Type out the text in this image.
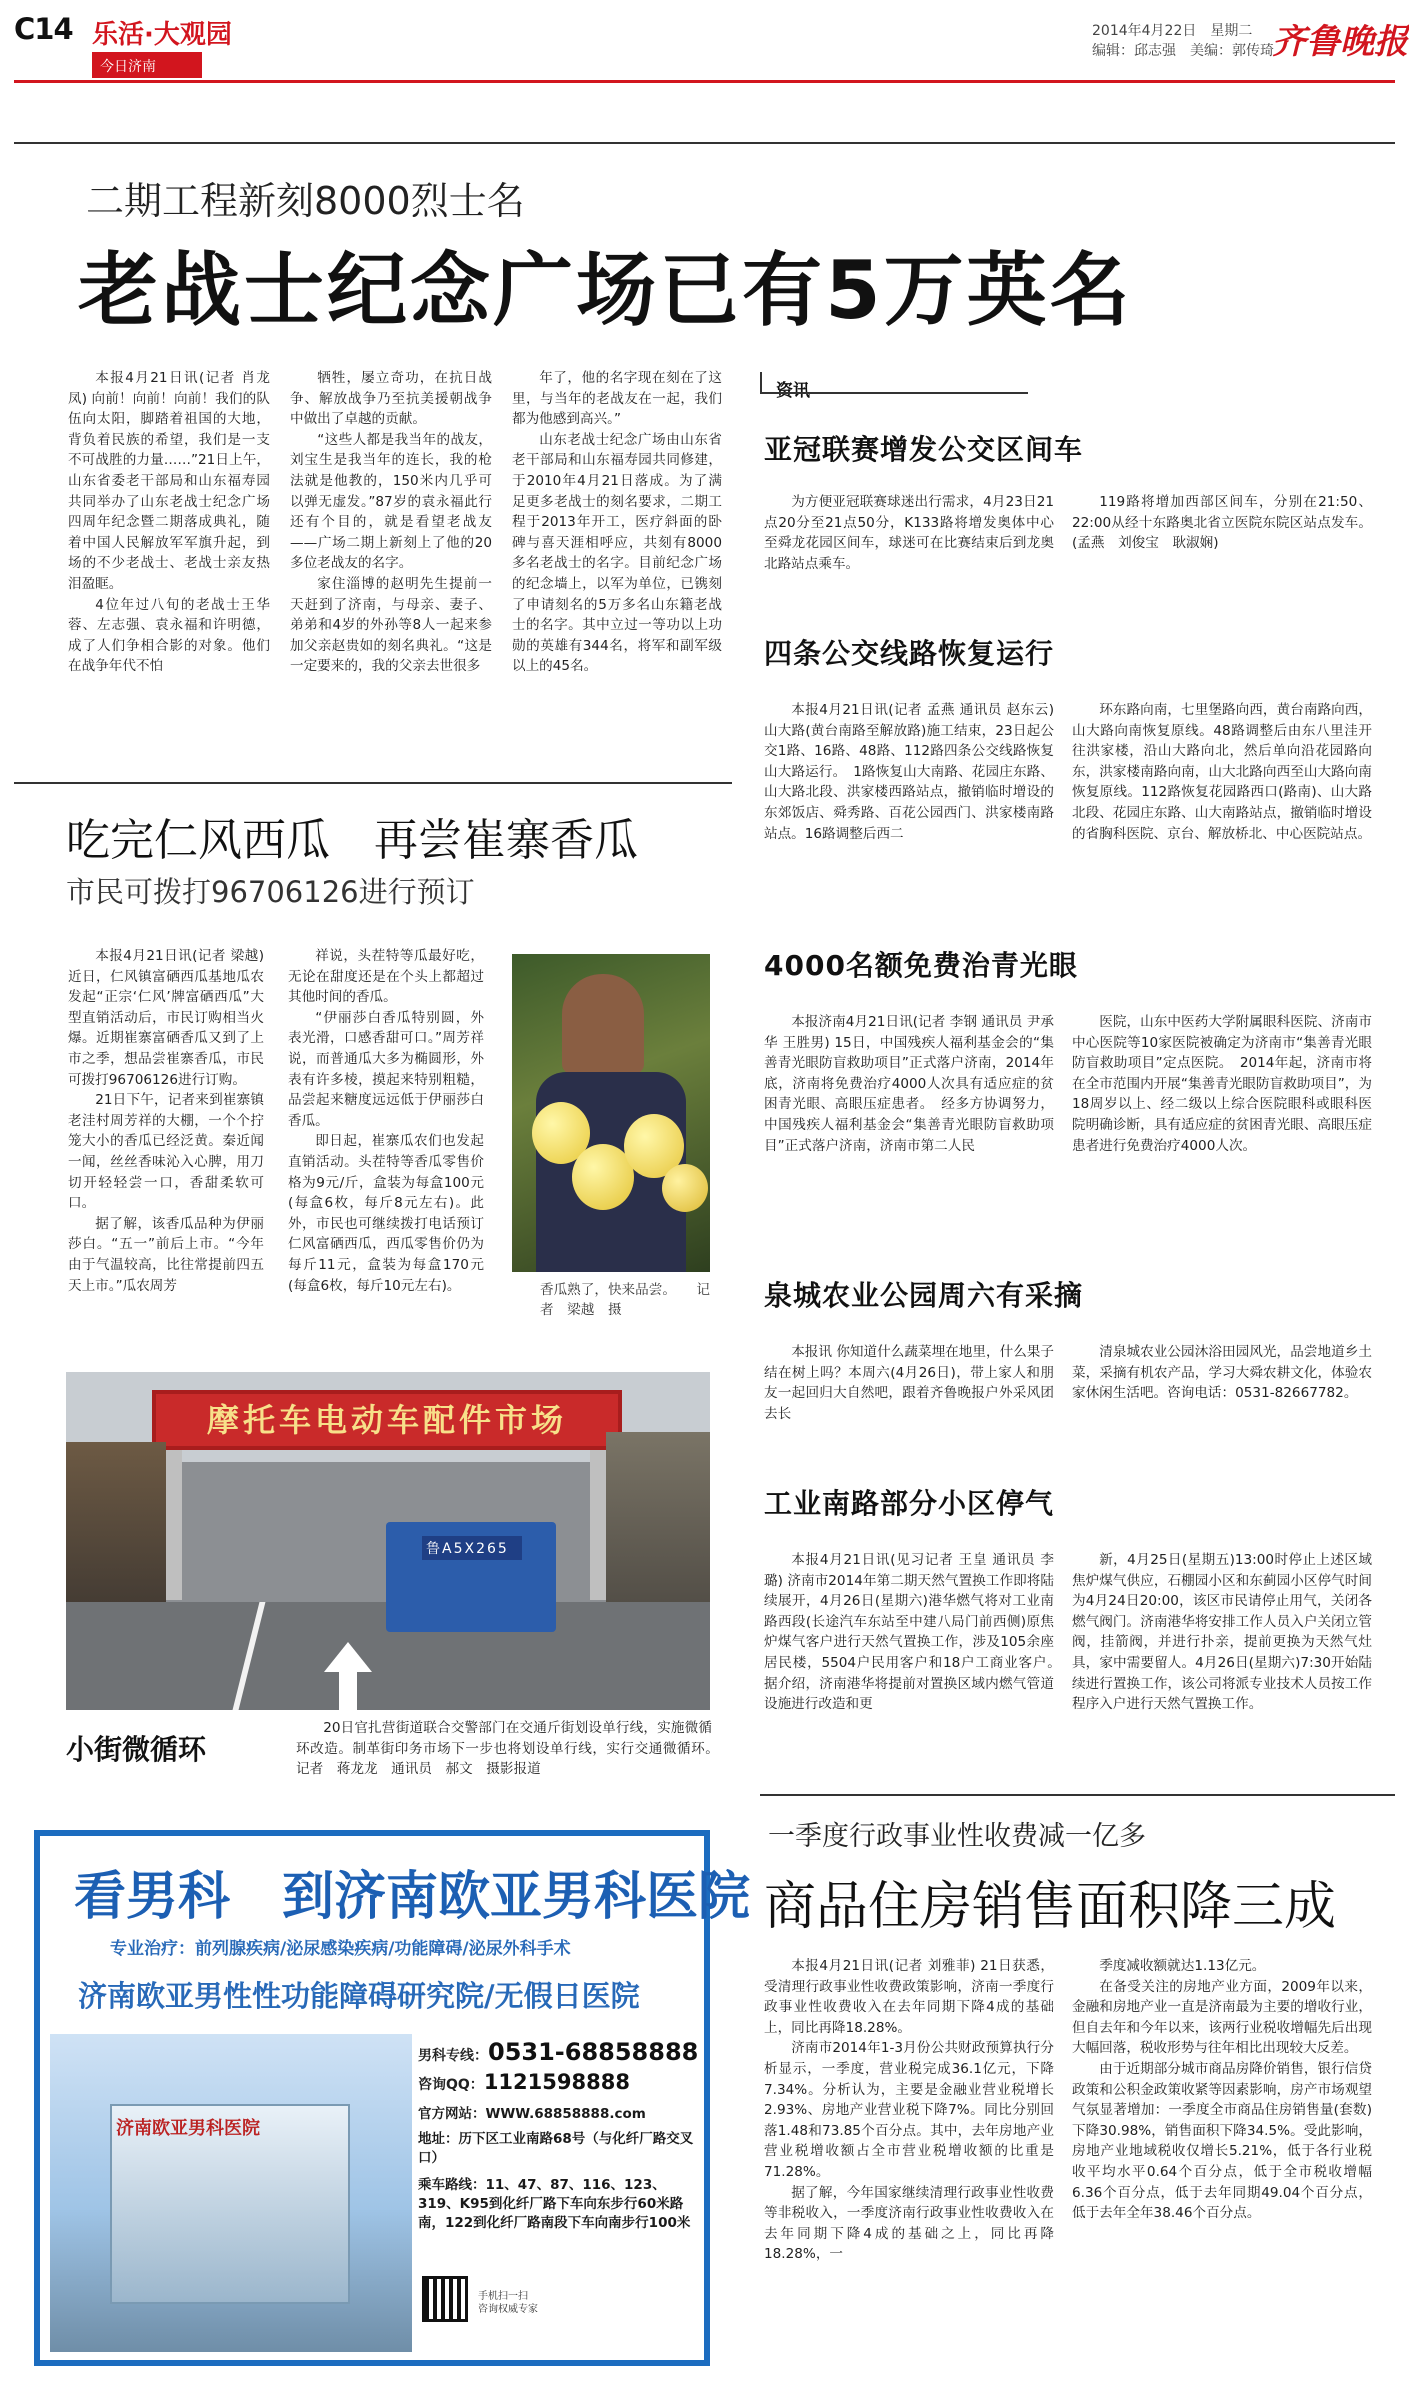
C14 乐活·大观园
今日济南
2014年4月22日　星期二
编辑：邱志强　美编：郭传琦
齐鲁晚报
二期工程新刻8000烈士名
老战士纪念广场已有5万英名

本报4月21日讯(记者 肖龙凤) 向前！向前！向前！我们的队伍向太阳，脚踏着祖国的大地，背负着民族的希望，我们是一支不可战胜的力量……”21日上午，山东省委老干部局和山东福寿园共同举办了山东老战士纪念广场四周年纪念暨二期落成典礼，随着中国人民解放军军旗升起，到场的不少老战士、老战士亲友热泪盈眶。

4位年过八旬的老战士王华蓉、左志强、袁永福和许明德，成了人们争相合影的对象。他们在战争年代不怕

牺牲，屡立奇功，在抗日战争、解放战争乃至抗美援朝战争中做出了卓越的贡献。

“这些人都是我当年的战友，刘宝生是我当年的连长，我的枪法就是他教的，150米内几乎可以弹无虚发。”87岁的袁永福此行还有个目的，就是看望老战友——广场二期上新刻上了他的20多位老战友的名字。

家住淄博的赵明先生提前一天赶到了济南，与母亲、妻子、弟弟和4岁的外孙等8人一起来参加父亲赵贵如的刻名典礼。“这是一定要来的，我的父亲去世很多

年了，他的名字现在刻在了这里，与当年的老战友在一起，我们都为他感到高兴。”

山东老战士纪念广场由山东省老干部局和山东福寿园共同修建，于2010年4月21日落成。为了满足更多老战士的刻名要求，二期工程于2013年开工，医疗斜面的卧碑与喜天涯相呼应，共刻有8000多名老战士的名字。目前纪念广场的纪念墙上，以军为单位，已镌刻了申请刻名的5万多名山东籍老战士的名字。其中立过一等功以上功勋的英雄有344名，将军和副军级以上的45名。

资讯
亚冠联赛增发公交区间车

为方便亚冠联赛球迷出行需求，4月23日21点20分至21点50分，K133路将增发奥体中心至舜龙花园区间车，球迷可在比赛结束后到龙奥北路站点乘车。

119路将增加西部区间车，分别在21:50、22:00从经十东路奥北省立医院东院区站点发车。(孟燕　刘俊宝　耿淑娴)

四条公交线路恢复运行

本报4月21日讯(记者 孟燕 通讯员 赵东云) 山大路(黄台南路至解放路)施工结束，23日起公交1路、16路、48路、112路四条公交线路恢复山大路运行。　1路恢复山大南路、花园庄东路、山大路北段、洪家楼西路站点，撤销临时增设的东郊饭店、舜秀路、百花公园西门、洪家楼南路站点。16路调整后西二

环东路向南，七里堡路向西，黄台南路向西，山大路向南恢复原线。48路调整后由东八里洼开往洪家楼，沿山大路向北，然后单向沿花园路向东，洪家楼南路向南，山大北路向西至山大路向南恢复原线。112路恢复花园路西口(路南)、山大路北段、花园庄东路、山大南路站点，撤销临时增设的省胸科医院、京台、解放桥北、中心医院站点。

4000名额免费治青光眼

本报济南4月21日讯(记者 李钢 通讯员 尹承华 王胜男) 15日，中国残疾人福利基金会的“集善青光眼防盲救助项目”正式落户济南，2014年底，济南将免费治疗4000人次具有适应症的贫困青光眼、高眼压症患者。　经多方协调努力，中国残疾人福利基金会“集善青光眼防盲救助项目”正式落户济南，济南市第二人民

医院，山东中医药大学附属眼科医院、济南市中心医院等10家医院被确定为济南市“集善青光眼防盲救助项目”定点医院。　2014年起，济南市将在全市范围内开展“集善青光眼防盲救助项目”，为18周岁以上、经二级以上综合医院眼科或眼科医院明确诊断，具有适应症的贫困青光眼、高眼压症患者进行免费治疗4000人次。

泉城农业公园周六有采摘

本报讯 你知道什么蔬菜埋在地里，什么果子结在树上吗？本周六(4月26日)，带上家人和朋友一起回归大自然吧，跟着齐鲁晚报户外采风团去长

清泉城农业公园沐浴田园风光，品尝地道乡土菜，采摘有机农产品，学习大舜农耕文化，体验农家休闲生活吧。咨询电话：0531-82667782。

工业南路部分小区停气

本报4月21日讯(见习记者 王皇 通讯员 李璐) 济南市2014年第二期天然气置换工作即将陆续展开，4月26日(星期六)港华燃气将对工业南路西段(长途汽车东站至中建八局门前西侧)原焦炉煤气客户进行天然气置换工作，涉及105余座居民楼，5504户民用客户和18户工商业客户。　据介绍，济南港华将提前对置换区域内燃气管道设施进行改造和更

新，4月25日(星期五)13:00时停止上述区域焦炉煤气供应，石棚园小区和东蓟园小区停气时间为4月24日20:00，该区市民请停止用气，关闭各燃气阀门。济南港华将安排工作人员入户关闭立管阀，挂箭阀，并进行扑亲，提前更换为天然气灶具，家中需要留人。4月26日(星期六)7:30开始陆续进行置换工作，该公司将派专业技术人员按工作程序入户进行天然气置换工作。

吃完仁风西瓜　再尝崔寨香瓜
市民可拨打96706126进行预订

本报4月21日讯(记者 梁越) 近日，仁风镇富硒西瓜基地瓜农发起“正宗‘仁风’牌富硒西瓜”大型直销活动后，市民订购相当火爆。近期崔寨富硒香瓜又到了上市之季，想品尝崔寨香瓜，市民可拨打96706126进行订购。

21日下午，记者来到崔寨镇老洼村周芳祥的大棚，一个个拧笼大小的香瓜已经泛黄。秦近闻一闻，丝丝香味沁入心脾，用刀切开轻轻尝一口，香甜柔软可口。

据了解，该香瓜品种为伊丽莎白。“五一”前后上市。“今年由于气温较高，比往常提前四五天上市。”瓜农周芳

祥说，头茬特等瓜最好吃，无论在甜度还是在个头上都超过其他时间的香瓜。

“伊丽莎白香瓜特别圆，外表光滑，口感香甜可口。”周芳祥说，而普通瓜大多为椭圆形，外表有许多棱，摸起来特别粗糙，品尝起来糖度远远低于伊丽莎白香瓜。

即日起，崔寨瓜农们也发起直销活动。头茬特等香瓜零售价格为9元/斤，盒装为每盒100元(每盒6枚，每斤8元左右)。此外，市民也可继续拨打电话预订仁风富硒西瓜，西瓜零售价仍为每斤11元，盒装为每盒170元(每盒6枚，每斤10元左右)。	香瓜熟了，快来品尝。　　记者　梁越　摄
摩托车电动车配件市场
鲁A5X265
小街微循环

20日官扎营街道联合交警部门在交通斤街划设单行线，实施微循环改造。制革街印务市场下一步也将划设单行线，实行交通微循环。　记者　蒋龙龙　通讯员　郝文　摄影报道

看男科　到济南欧亚男科医院
专业治疗：前列腺疾病/泌尿感染疾病/功能障碍/泌尿外科手术
济南欧亚男性性功能障碍研究院/无假日医院
济南欧亚男科医院
男科专线：0531-68858888
咨询QQ：1121598888
官方网站：WWW.68858888.com
地址：历下区工业南路68号（与化纤厂路交叉口）
乘车路线：11、47、87、116、123、319、K95到化纤厂路下车向东步行60米路南，122到化纤厂路南段下车向南步行100米
手机扫一扫　咨询权威专家
一季度行政事业性收费减一亿多
商品住房销售面积降三成

本报4月21日讯(记者 刘雅菲) 21日获悉，受清理行政事业性收费政策影响，济南一季度行政事业性收费收入在去年同期下降4成的基础上，同比再降18.28%。

济南市2014年1-3月份公共财政预算执行分析显示，一季度，营业税完成36.1亿元，下降7.34%。分析认为，主要是金融业营业税增长2.93%、房地产业营业税下降7%。同比分别回落1.48和73.85个百分点。其中，去年房地产业营业税增收额占全市营业税增收额的比重是71.28%。

据了解，今年国家继续清理行政事业性收费等非税收入，一季度济南行政事业性收费收入在去年同期下降4成的基础之上，同比再降18.28%，一

季度减收额就达1.13亿元。

在备受关注的房地产业方面，2009年以来，金融和房地产业一直是济南最为主要的增收行业，但自去年和今年以来，该两行业税收增幅先后出现大幅回落，税收形势与往年相比出现较大反差。

由于近期部分城市商品房降价销售，银行信贷政策和公积金政策收紧等因素影响，房产市场观望气氛显著增加：一季度全市商品住房销售量(套数)下降30.98%，销售面积下降34.5%。受此影响，房地产业地域税收仅增长5.21%，低于各行业税收平均水平0.64个百分点，低于全市税收增幅6.36个百分点，低于去年同期49.04个百分点，低于去年全年38.46个百分点。
